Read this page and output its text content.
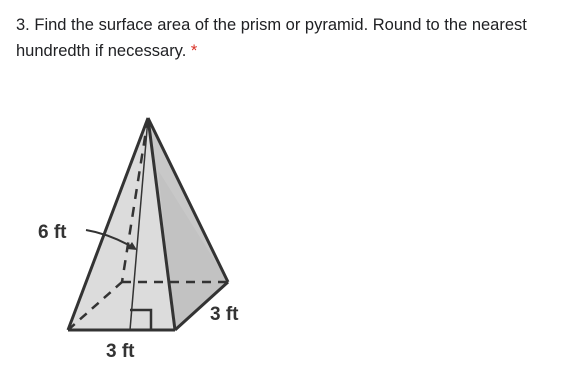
3. Find the surface area of the prism or pyramid. Round to the nearest hundredth if necessary. *
6 ft
3 ft
3 ft
